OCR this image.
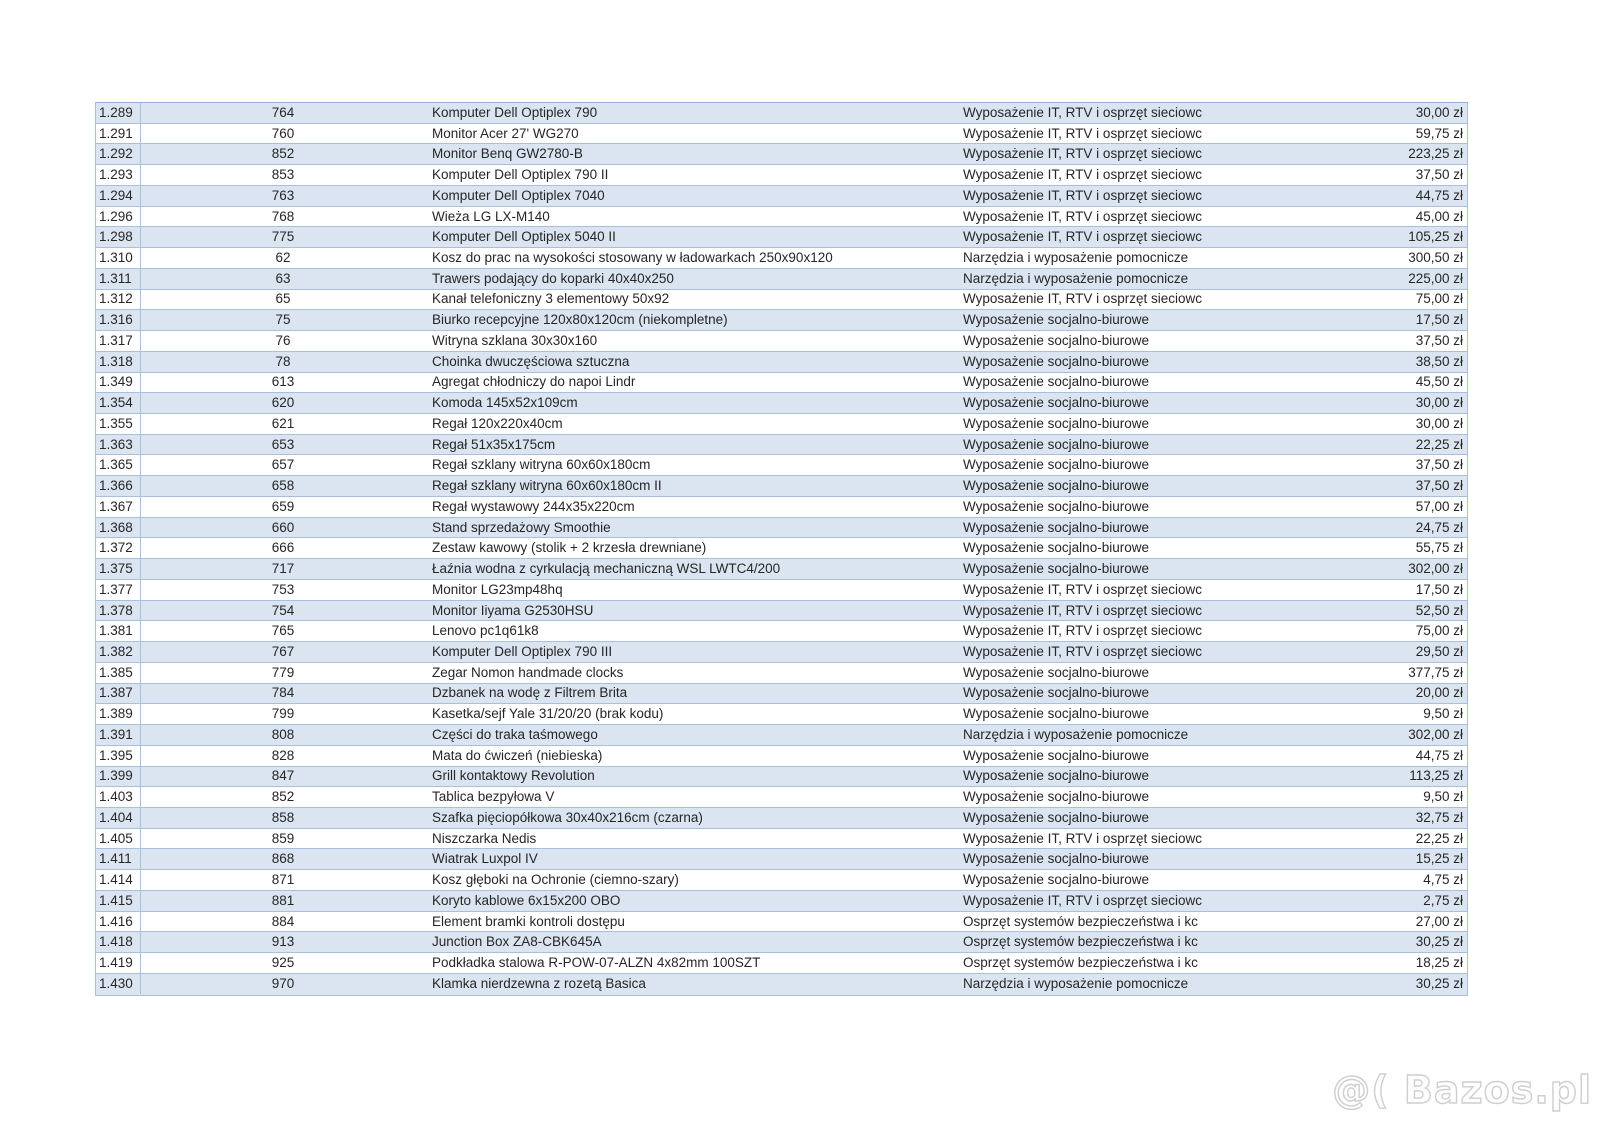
1.289	764	Komputer Dell Optiplex 790	Wyposażenie IT, RTV i osprzęt sieciowc	30,00 zł
1.291	760	Monitor Acer 27' WG270	Wyposażenie IT, RTV i osprzęt sieciowc	59,75 zł
1.292	852	Monitor Benq GW2780-B	Wyposażenie IT, RTV i osprzęt sieciowc	223,25 zł
1.293	853	Komputer Dell Optiplex 790 II	Wyposażenie IT, RTV i osprzęt sieciowc	37,50 zł
1.294	763	Komputer Dell Optiplex 7040	Wyposażenie IT, RTV i osprzęt sieciowc	44,75 zł
1.296	768	Wieża LG LX-M140	Wyposażenie IT, RTV i osprzęt sieciowc	45,00 zł
1.298	775	Komputer Dell Optiplex 5040 II	Wyposażenie IT, RTV i osprzęt sieciowc	105,25 zł
1.310	62	Kosz do prac na wysokości stosowany w ładowarkach 250x90x120	Narzędzia i wyposażenie pomocnicze	300,50 zł
1.311	63	Trawers podający do koparki 40x40x250	Narzędzia i wyposażenie pomocnicze	225,00 zł
1.312	65	Kanał telefoniczny 3 elementowy 50x92	Wyposażenie IT, RTV i osprzęt sieciowc	75,00 zł
1.316	75	Biurko recepcyjne 120x80x120cm (niekompletne)	Wyposażenie socjalno-biurowe	17,50 zł
1.317	76	Witryna szklana 30x30x160	Wyposażenie socjalno-biurowe	37,50 zł
1.318	78	Choinka dwuczęściowa sztuczna	Wyposażenie socjalno-biurowe	38,50 zł
1.349	613	Agregat chłodniczy do napoi Lindr	Wyposażenie socjalno-biurowe	45,50 zł
1.354	620	Komoda 145x52x109cm	Wyposażenie socjalno-biurowe	30,00 zł
1.355	621	Regał 120x220x40cm	Wyposażenie socjalno-biurowe	30,00 zł
1.363	653	Regał 51x35x175cm	Wyposażenie socjalno-biurowe	22,25 zł
1.365	657	Regał szklany witryna 60x60x180cm	Wyposażenie socjalno-biurowe	37,50 zł
1.366	658	Regał szklany witryna 60x60x180cm II	Wyposażenie socjalno-biurowe	37,50 zł
1.367	659	Regał wystawowy 244x35x220cm	Wyposażenie socjalno-biurowe	57,00 zł
1.368	660	Stand sprzedażowy Smoothie	Wyposażenie socjalno-biurowe	24,75 zł
1.372	666	Zestaw kawowy (stolik + 2 krzesła drewniane)	Wyposażenie socjalno-biurowe	55,75 zł
1.375	717	Łaźnia wodna z cyrkulacją mechaniczną WSL LWTC4/200	Wyposażenie socjalno-biurowe	302,00 zł
1.377	753	Monitor LG23mp48hq	Wyposażenie IT, RTV i osprzęt sieciowc	17,50 zł
1.378	754	Monitor Iiyama G2530HSU	Wyposażenie IT, RTV i osprzęt sieciowc	52,50 zł
1.381	765	Lenovo pc1q61k8	Wyposażenie IT, RTV i osprzęt sieciowc	75,00 zł
1.382	767	Komputer Dell Optiplex 790 III	Wyposażenie IT, RTV i osprzęt sieciowc	29,50 zł
1.385	779	Zegar Nomon handmade clocks	Wyposażenie socjalno-biurowe	377,75 zł
1.387	784	Dzbanek na wodę z Filtrem Brita	Wyposażenie socjalno-biurowe	20,00 zł
1.389	799	Kasetka/sejf Yale 31/20/20 (brak kodu)	Wyposażenie socjalno-biurowe	9,50 zł
1.391	808	Części do traka taśmowego	Narzędzia i wyposażenie pomocnicze	302,00 zł
1.395	828	Mata do ćwiczeń (niebieska)	Wyposażenie socjalno-biurowe	44,75 zł
1.399	847	Grill kontaktowy Revolution	Wyposażenie socjalno-biurowe	113,25 zł
1.403	852	Tablica bezpyłowa V	Wyposażenie socjalno-biurowe	9,50 zł
1.404	858	Szafka pięciopółkowa 30x40x216cm (czarna)	Wyposażenie socjalno-biurowe	32,75 zł
1.405	859	Niszczarka Nedis	Wyposażenie IT, RTV i osprzęt sieciowc	22,25 zł
1.411	868	Wiatrak Luxpol IV	Wyposażenie socjalno-biurowe	15,25 zł
1.414	871	Kosz głęboki na Ochronie (ciemno-szary)	Wyposażenie socjalno-biurowe	4,75 zł
1.415	881	Koryto kablowe 6x15x200 OBO	Wyposażenie IT, RTV i osprzęt sieciowc	2,75 zł
1.416	884	Element bramki kontroli dostępu	Osprzęt systemów bezpieczeństwa i kc	27,00 zł
1.418	913	Junction Box ZA8-CBK645A	Osprzęt systemów bezpieczeństwa i kc	30,25 zł
1.419	925	Podkładka stalowa R-POW-07-ALZN 4x82mm 100SZT	Osprzęt systemów bezpieczeństwa i kc	18,25 zł
1.430	970	Klamka nierdzewna z rozetą Basica	Narzędzia i wyposażenie pomocnicze	30,25 zł
@( Bazos.pl
